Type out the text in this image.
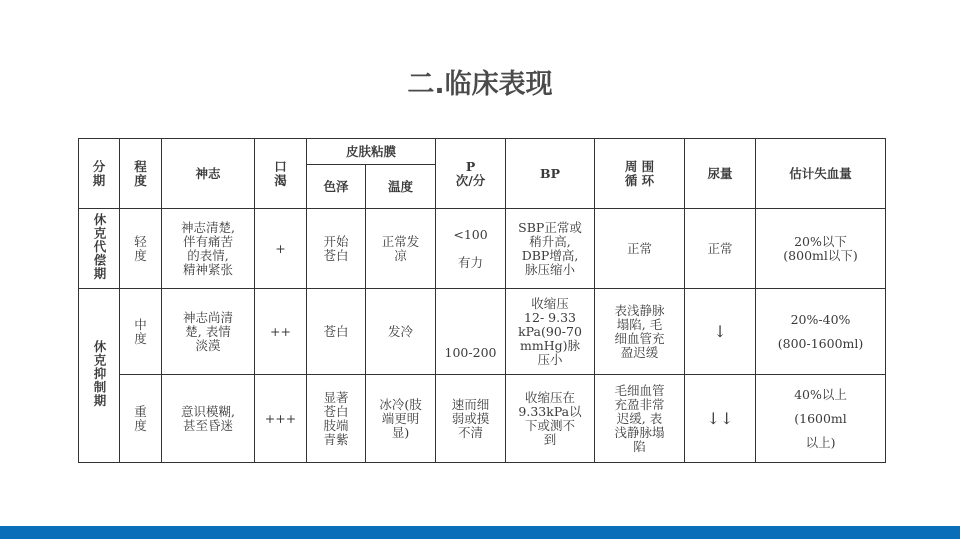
二.临床表现
分
期	程
度	神志	口
渴	皮肤粘膜		P
次/分	BP	周 围
循 环	尿量	估计失血量

				色泽	温度					

休克代偿期	轻
度	神志清楚,
伴有痛苦
的表情,
精神紧张	+	开始
苍白	正常发
凉	<100

有力	SBP正常或
稍升高,
DBP增高,
脉压缩小	正常	正常	20%以下
(800ml以下)

休克抑制期	中
度	神志尚清
楚, 表情
淡漠	++	苍白	发冷	100-200	收缩压
12- 9.33
kPa(90-70
mmHg)脉
压小	表浅静脉
塌陷, 毛
细血管充
盈迟缓	↓	20%-40%
(800-1600ml)

	重
度	意识模糊,
甚至昏迷	+++	显著
苍白
肢端
青紫	冰冷(肢
端更明
显)	速而细
弱或摸
不清	收缩压在
9.33kPa以
下或测不
到	毛细血管
充盈非常
迟缓, 表
浅静脉塌
陷	↓↓	40%以上
(1600ml
以上)
